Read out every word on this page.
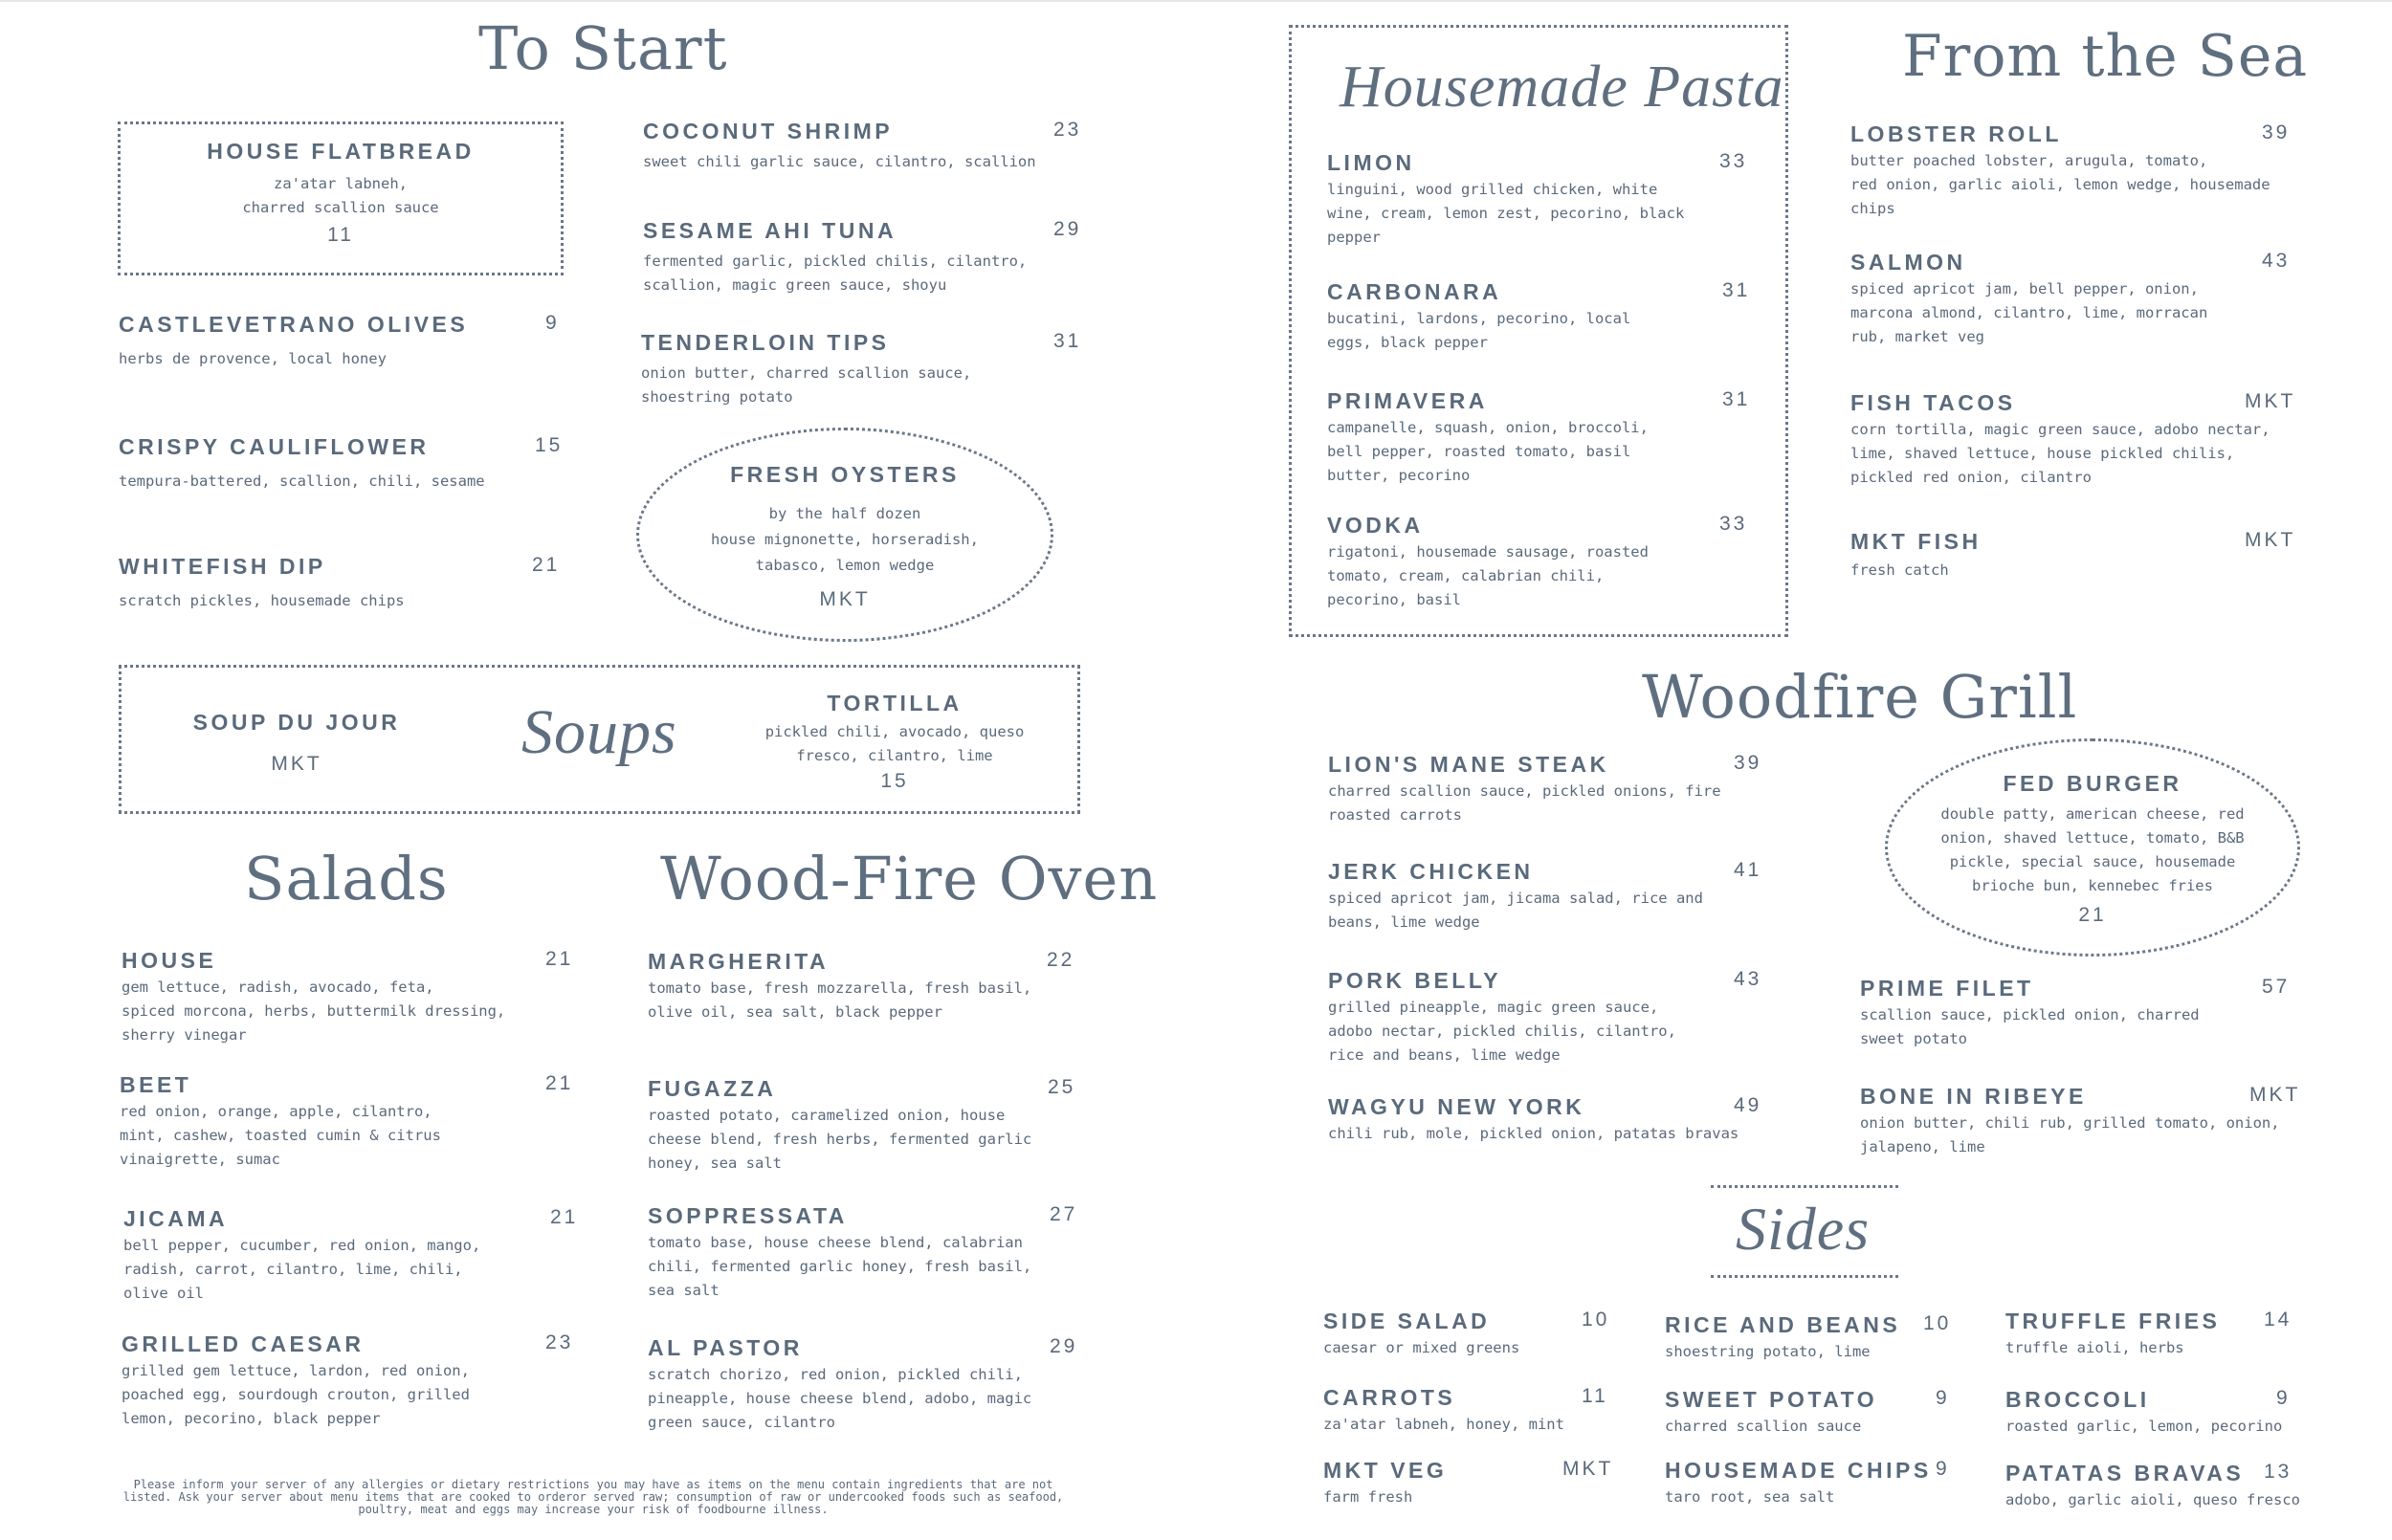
To Start
HOUSE FLATBREAD
za'atar labneh,
charred scallion sauce
11
CASTLEVETRANO OLIVES	9
herbs de provence, local honey
CRISPY CAULIFLOWER	15
tempura-battered, scallion, chili, sesame
WHITEFISH DIP	21
scratch pickles, housemade chips
COCONUT SHRIMP	23
sweet chili garlic sauce, cilantro, scallion
SESAME AHI TUNA	29
fermented garlic, pickled chilis, cilantro,
scallion, magic green sauce, shoyu
TENDERLOIN TIPS	31
onion butter, charred scallion sauce,
shoestring potato
FRESH OYSTERS
by the half dozen
house mignonette, horseradish,
tabasco, lemon wedge
MKT
SOUP DU JOUR
MKT	Soups	TORTILLA
pickled chili, avocado, queso
fresco, cilantro, lime
15
Salads
HOUSE	21
gem lettuce, radish, avocado, feta,
spiced morcona, herbs, buttermilk dressing,
sherry vinegar
BEET	21
red onion, orange, apple, cilantro,
mint, cashew, toasted cumin & citrus
vinaigrette, sumac
JICAMA	21
bell pepper, cucumber, red onion, mango,
radish, carrot, cilantro, lime, chili,
olive oil
GRILLED CAESAR	23
grilled gem lettuce, lardon, red onion,
poached egg, sourdough crouton, grilled
lemon, pecorino, black pepper
Wood-Fire Oven
MARGHERITA	22
tomato base, fresh mozzarella, fresh basil,
olive oil, sea salt, black pepper
FUGAZZA	25
roasted potato, caramelized onion, house
cheese blend, fresh herbs, fermented garlic
honey, sea salt
SOPPRESSATA	27
tomato base, house cheese blend, calabrian
chili, fermented garlic honey, fresh basil,
sea salt
AL PASTOR	29
scratch chorizo, red onion, pickled chili,
pineapple, house cheese blend, adobo, magic
green sauce, cilantro
Please inform your server of any allergies or dietary restrictions you may have as items on the menu contain ingredients that are not
listed. Ask your server about menu items that are cooked to orderor served raw; consumption of raw or undercooked foods such as seafood,
poultry, meat and eggs may increase your risk of foodbourne illness.
Housemade Pasta
LIMON	33
linguini, wood grilled chicken, white
wine, cream, lemon zest, pecorino, black
pepper
CARBONARA	31
bucatini, lardons, pecorino, local
eggs, black pepper
PRIMAVERA	31
campanelle, squash, onion, broccoli,
bell pepper, roasted tomato, basil
butter, pecorino
VODKA	33
rigatoni, housemade sausage, roasted
tomato, cream, calabrian chili,
pecorino, basil
From the Sea
LOBSTER ROLL	39
butter poached lobster, arugula, tomato,
red onion, garlic aioli, lemon wedge, housemade
chips
SALMON	43
spiced apricot jam, bell pepper, onion,
marcona almond, cilantro, lime, morracan
rub, market veg
FISH TACOS	MKT
corn tortilla, magic green sauce, adobo nectar,
lime, shaved lettuce, house pickled chilis,
pickled red onion, cilantro
MKT FISH	MKT
fresh catch
Woodfire Grill
LION'S MANE STEAK	39
charred scallion sauce, pickled onions, fire
roasted carrots
JERK CHICKEN	41
spiced apricot jam, jicama salad, rice and
beans, lime wedge
PORK BELLY	43
grilled pineapple, magic green sauce,
adobo nectar, pickled chilis, cilantro,
rice and beans, lime wedge
WAGYU NEW YORK	49
chili rub, mole, pickled onion, patatas bravas
FED BURGER
double patty, american cheese, red
onion, shaved lettuce, tomato, B&B
pickle, special sauce, housemade
brioche bun, kennebec fries
21
PRIME FILET	57
scallion sauce, pickled onion, charred
sweet potato
BONE IN RIBEYE	MKT
onion butter, chili rub, grilled tomato, onion,
jalapeno, lime
Sides
SIDE SALAD	10
caesar or mixed greens
CARROTS	11
za'atar labneh, honey, mint
MKT VEG	MKT
farm fresh
RICE AND BEANS	10
shoestring potato, lime
SWEET POTATO	9
charred scallion sauce
HOUSEMADE CHIPS 9
taro root, sea salt
TRUFFLE FRIES	14
truffle aioli, herbs
BROCCOLI	9
roasted garlic, lemon, pecorino
PATATAS BRAVAS 13
adobo, garlic aioli, queso fresco
